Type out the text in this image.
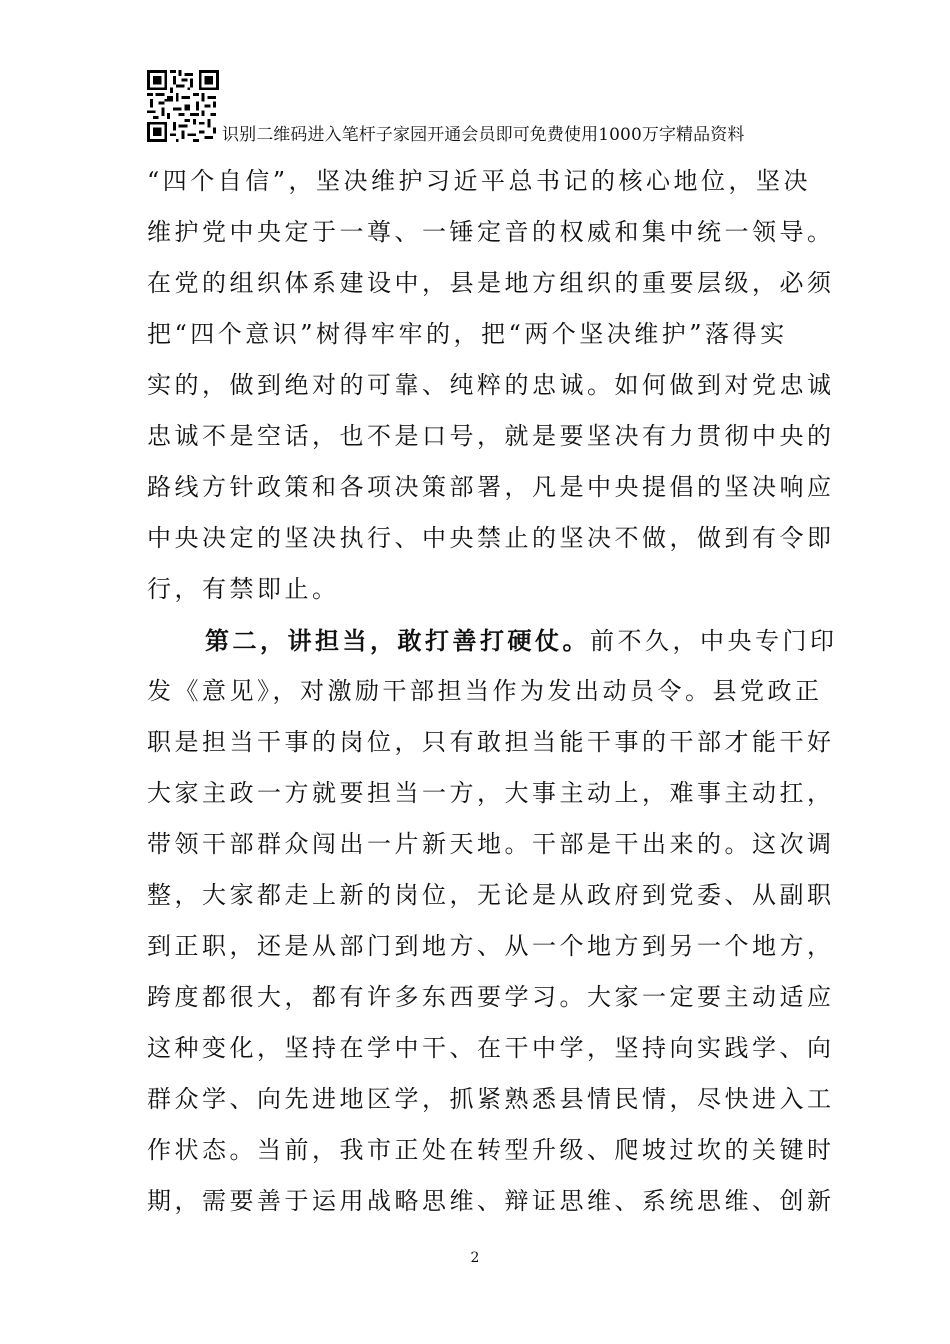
识别二维码进入笔杆子家园开通会员即可免费使用1000万字精品资料
“四个自信”，坚决维护习近平总书记的核心地位，坚决
维护党中央定于一尊、一锤定音的权威和集中统一领导。
在党的组织体系建设中，县是地方组织的重要层级，必须
把“四个意识”树得牢牢的，把“两个坚决维护”落得实
实的，做到绝对的可靠、纯粹的忠诚。如何做到对党忠诚
忠诚不是空话，也不是口号，就是要坚决有力贯彻中央的
路线方针政策和各项决策部署，凡是中央提倡的坚决响应
中央决定的坚决执行、中央禁止的坚决不做，做到有令即
行，有禁即止。
第二，讲担当，敢打善打硬仗。前不久，中央专门印
发《意见》，对激励干部担当作为发出动员令。县党政正
职是担当干事的岗位，只有敢担当能干事的干部才能干好
大家主政一方就要担当一方，大事主动上，难事主动扛，
带领干部群众闯出一片新天地。干部是干出来的。这次调
整，大家都走上新的岗位，无论是从政府到党委、从副职
到正职，还是从部门到地方、从一个地方到另一个地方，
跨度都很大，都有许多东西要学习。大家一定要主动适应
这种变化，坚持在学中干、在干中学，坚持向实践学、向
群众学、向先进地区学，抓紧熟悉县情民情，尽快进入工
作状态。当前，我市正处在转型升级、爬坡过坎的关键时
期，需要善于运用战略思维、辩证思维、系统思维、创新
2
